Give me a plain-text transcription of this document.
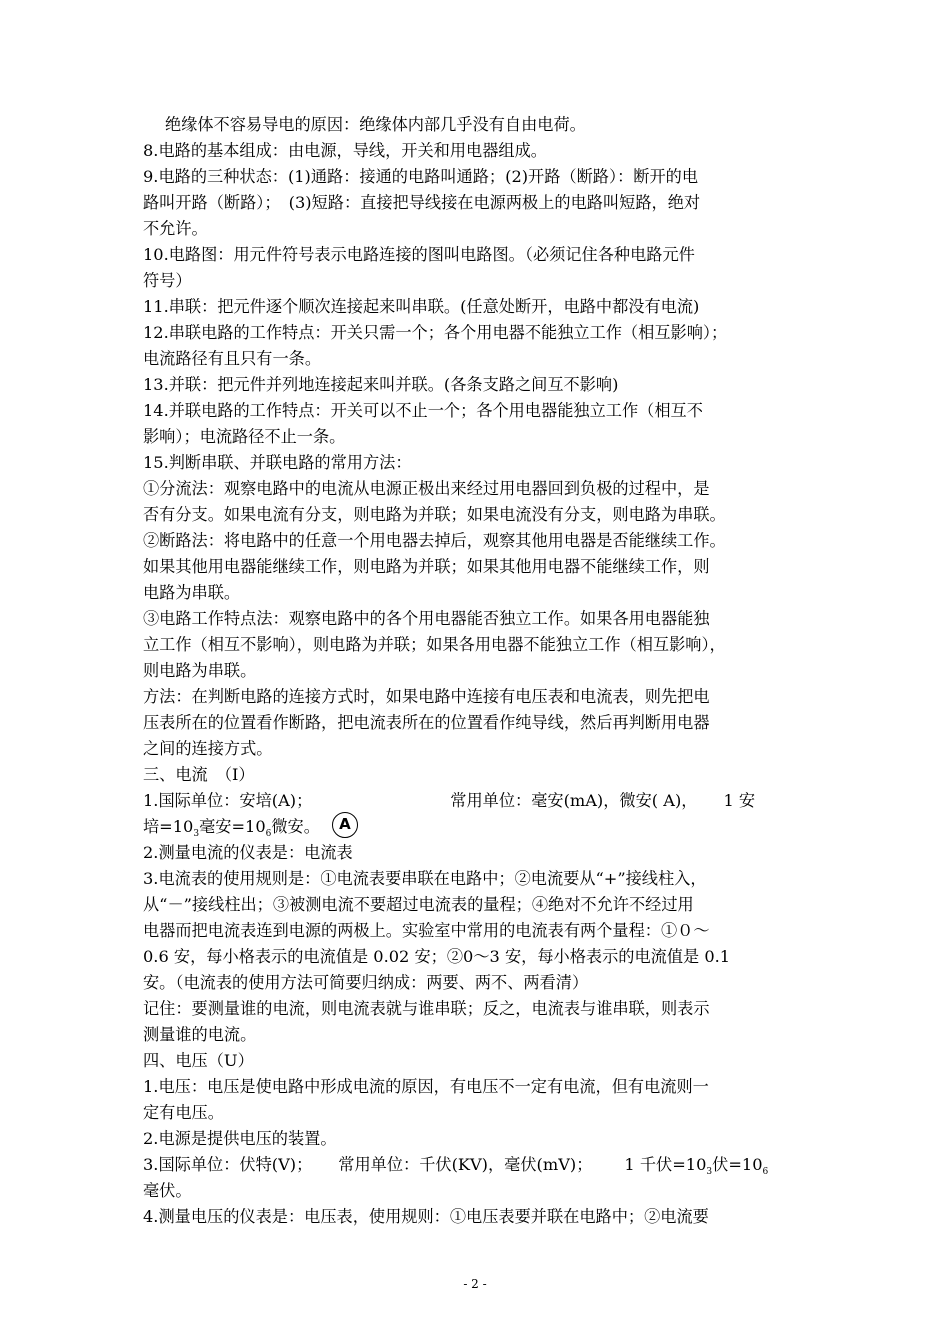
绝缘体不容易导电的原因：绝缘体内部几乎没有自由电荷。
8.电路的基本组成：由电源，导线，开关和用电器组成。
9.电路的三种状态：(1)通路：接通的电路叫通路；(2)开路（断路）：断开的电
路叫开路（断路）；　(3)短路：直接把导线接在电源两极上的电路叫短路，绝对
不允许。
10.电路图：用元件符号表示电路连接的图叫电路图。（必须记住各种电路元件
符号）
11.串联：把元件逐个顺次连接起来叫串联。(任意处断开，电路中都没有电流)
12.串联电路的工作特点：开关只需一个；各个用电器不能独立工作（相互影响）；
电流路径有且只有一条。
13.并联：把元件并列地连接起来叫并联。(各条支路之间互不影响)
14.并联电路的工作特点：开关可以不止一个；各个用电器能独立工作（相互不
影响）；电流路径不止一条。
15.判断串联、并联电路的常用方法：
①分流法：观察电路中的电流从电源正极出来经过用电器回到负极的过程中，是
否有分支。如果电流有分支，则电路为并联；如果电流没有分支，则电路为串联。
②断路法：将电路中的任意一个用电器去掉后，观察其他用电器是否能继续工作。
如果其他用电器能继续工作，则电路为并联；如果其他用电器不能继续工作，则
电路为串联。
③电路工作特点法：观察电路中的各个用电器能否独立工作。如果各用电器能独
立工作（相互不影响），则电路为并联；如果各用电器不能独立工作（相互影响），
则电路为串联。
方法：在判断电路的连接方式时，如果电路中连接有电压表和电流表，则先把电
压表所在的位置看作断路，把电流表所在的位置看作纯导线，然后再判断用电器
之间的连接方式。
三、电流　（I）
1.国际单位：安培(A)；	常用单位：毫安(mA)，微安( A)， 1 安
培$=10_3$毫安$=10_6$微安。 A
2.测量电流的仪表是：电流表
3.电流表的使用规则是：①电流表要串联在电路中；②电流要从“+”接线柱入，
从“－”接线柱出；③被测电流不要超过电流表的量程；④绝对不允许不经过用
电器而把电流表连到电源的两极上。实验室中常用的电流表有两个量程：①０～
0.6 安，每小格表示的电流值是 0.02 安；②0～3 安，每小格表示的电流值是 0.1
安。（电流表的使用方法可简要归纳成：两要、两不、两看清）
记住：要测量谁的电流，则电流表就与谁串联；反之，电流表与谁串联，则表示
测量谁的电流。
四、电压（U）
1.电压：电压是使电路中形成电流的原因，有电压不一定有电流，但有电流则一
定有电压。
2.电源是提供电压的装置。
3.国际单位：伏特(V)； 常用单位：千伏(KV)，毫伏(mV)； 1 千伏$=10_3$伏$=10_6$
毫伏。
4.测量电压的仪表是：电压表，使用规则：①电压表要并联在电路中；②电流要
- 2 -
